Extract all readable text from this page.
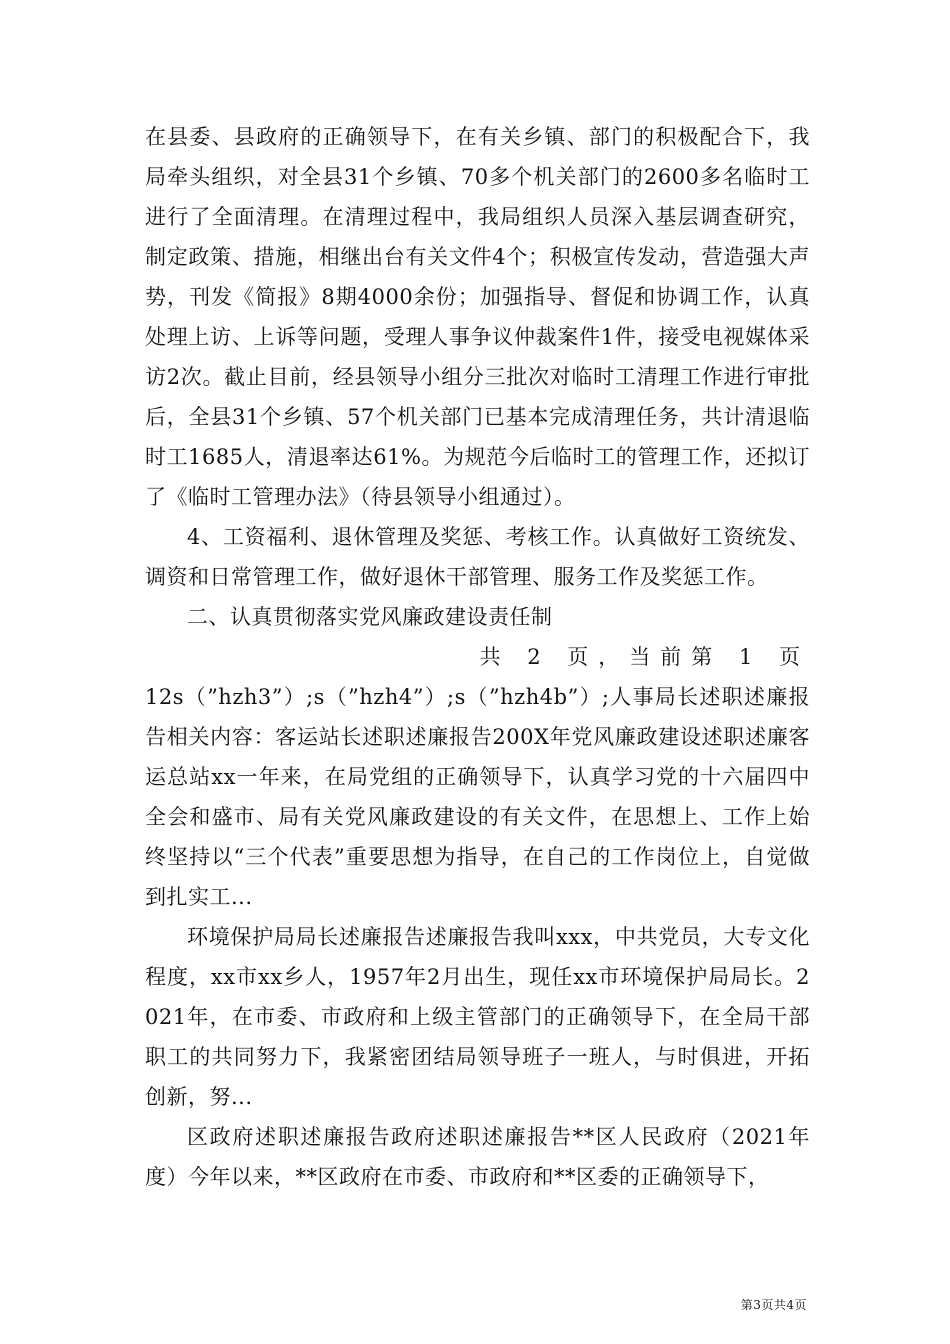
在县委、县政府的正确领导下，在有关乡镇、部门的积极配合下，我局牵头组织，对全县31个乡镇、70多个机关部门的2600多名临时工进行了全面清理。在清理过程中，我局组织人员深入基层调查研究，制定政策、措施，相继出台有关文件4个；积极宣传发动，营造强大声势，刊发《简报》8期4000余份；加强指导、督促和协调工作，认真处理上访、上诉等问题，受理人事争议仲裁案件1件，接受电视媒体采访2次。截止目前，经县领导小组分三批次对临时工清理工作进行审批后，全县31个乡镇、57个机关部门已基本完成清理任务，共计清退临时工1685人，清退率达61%。为规范今后临时工的管理工作，还拟订了《临时工管理办法》（待县领导小组通过）。

4、工资福利、退休管理及奖惩、考核工作。认真做好工资统发、调资和日常管理工作，做好退休干部管理、服务工作及奖惩工作。

二、认真贯彻落实党风廉政建设责任制

共 2 页，当前第 1 页

12s（”hzh3”）;s（”hzh4”）;s（”hzh4b”）;人事局长述职述廉报告相关内容：客运站长述职述廉报告200X年党风廉政建设述职述廉客运总站xx一年来，在局党组的正确领导下，认真学习党的十六届四中全会和盛市、局有关党风廉政建设的有关文件，在思想上、工作上始终坚持以“三个代表”重要思想为指导，在自己的工作岗位上，自觉做到扎实工...

环境保护局局长述廉报告述廉报告我叫xxx，中共党员，大专文化程度，xx市xx乡人，1957年2月出生，现任xx市环境保护局局长。2021年，在市委、市政府和上级主管部门的正确领导下，在全局干部职工的共同努力下，我紧密团结局领导班子一班人，与时俱进，开拓创新，努...

区政府述职述廉报告政府述职述廉报告**区人民政府（2021年度）今年以来，**区政府在市委、市政府和**区委的正确领导下，

第3页共4页
